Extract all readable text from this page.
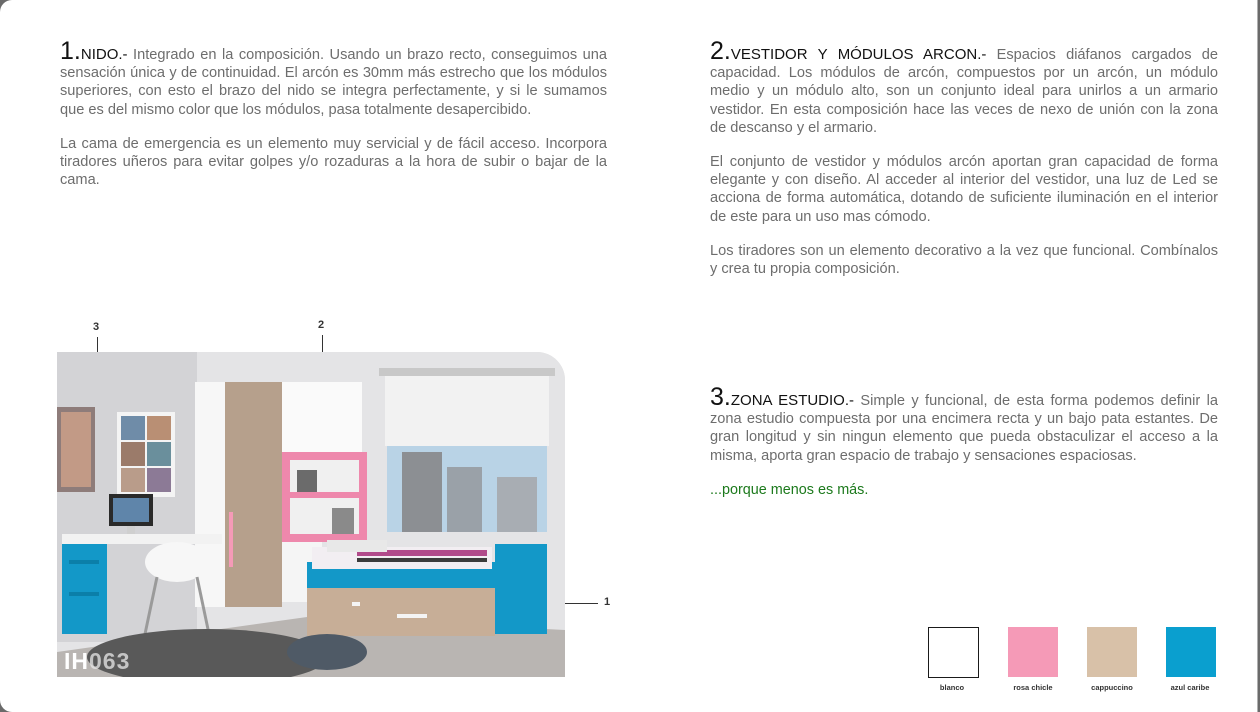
1.NIDO.- Integrado en la composición. Usando un brazo recto, conseguimos una sensación única y de continuidad. El arcón es 30mm más estrecho que los módulos superiores, con esto el brazo del nido se integra perfectamente, y si le sumamos que es del mismo color que los módulos, pasa totalmente desapercibido.

La cama de emergencia es un elemento muy servicial y de fácil acceso. Incorpora tiradores uñeros para evitar golpes y/o rozaduras a la hora de subir o bajar de la cama.

2.VESTIDOR Y MÓDULOS ARCON.- Espacios diáfanos cargados de capacidad. Los módulos de arcón, compuestos por un arcón, un módulo medio y un módulo alto, son un conjunto ideal para unirlos a un armario vestidor. En esta composición hace las veces de nexo de unión con la zona de descanso y el armario.

El conjunto de vestidor y módulos arcón aportan gran capacidad de forma elegante y con diseño. Al acceder al interior del vestidor, una luz de Led se acciona de forma automática, dotando de suficiente iluminación en el interior de este para un uso mas cómodo.

Los tiradores son un elemento decorativo a la vez que funcional. Combínalos y crea tu propia composición.

3.ZONA ESTUDIO.- Simple y funcional, de esta forma podemos definir la zona estudio compuesta por una encimera recta y un bajo pata estantes. De gran longitud y sin ningun elemento que pueda obstaculizar el acceso a la misma, aporta gran espacio de trabajo y sensaciones espaciosas.

...porque menos es más.

3	2
1
IH063
blanco	rosa chicle	cappuccino	azul caribe
